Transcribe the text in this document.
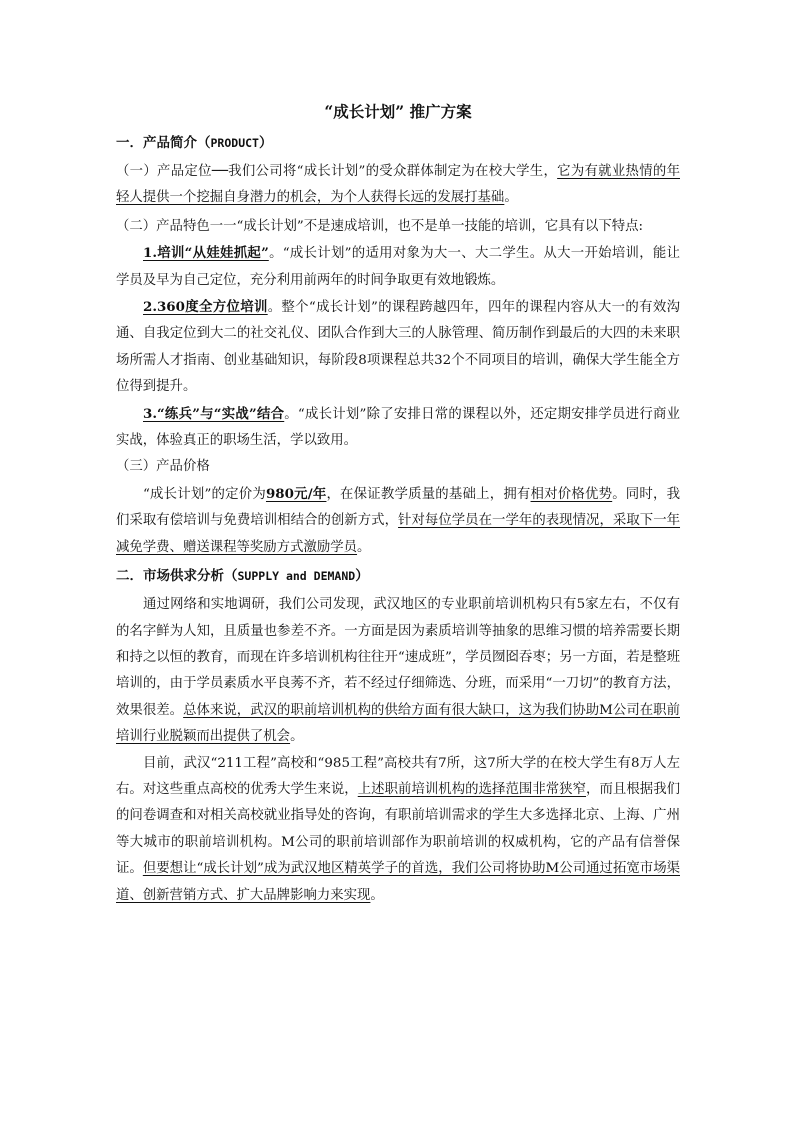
“成长计划” 推广方案
一．产品简介（PRODUCT）

（一）产品定位──我们公司将“成长计划”的受众群体制定为在校大学生，它为有就业热情的年轻人提供一个挖掘自身潜力的机会，为个人获得长远的发展打基础。

（二）产品特色一一“成长计划”不是速成培训，也不是单一技能的培训，它具有以下特点:

1.培训“从娃娃抓起”。“成长计划”的适用对象为大一、大二学生。从大一开始培训，能让学员及早为自己定位，充分利用前两年的时间争取更有效地锻炼。

2.360度全方位培训。整个“成长计划”的课程跨越四年，四年的课程内容从大一的有效沟通、自我定位到大二的社交礼仪、团队合作到大三的人脉管理、简历制作到最后的大四的未来职场所需人才指南、创业基础知识，每阶段8项课程总共32个不同项目的培训，确保大学生能全方位得到提升。

3.“练兵”与“实战”结合。“成长计划”除了安排日常的课程以外，还定期安排学员进行商业实战，体验真正的职场生活，学以致用。

（三）产品价格

“成长计划”的定价为980元/年，在保证教学质量的基础上，拥有相对价格优势。同时，我们采取有偿培训与免费培训相结合的创新方式，针对每位学员在一学年的表现情况，采取下一年减免学费、赠送课程等奖励方式激励学员。

二．市场供求分析（SUPPLY and DEMAND）

通过网络和实地调研，我们公司发现，武汉地区的专业职前培训机构只有5家左右，不仅有的名字鲜为人知，且质量也参差不齐。一方面是因为素质培训等抽象的思维习惯的培养需要长期和持之以恒的教育，而现在许多培训机构往往开“速成班”，学员囫囵吞枣；另一方面，若是整班培训的，由于学员素质水平良莠不齐，若不经过仔细筛选、分班，而采用“一刀切”的教育方法，效果很差。总体来说，武汉的职前培训机构的供给方面有很大缺口，这为我们协助M公司在职前培训行业脱颖而出提供了机会。

目前，武汉“211工程”高校和“985工程”高校共有7所，这7所大学的在校大学生有8万人左右。对这些重点高校的优秀大学生来说，上述职前培训机构的选择范围非常狭窄，而且根据我们的问卷调查和对相关高校就业指导处的咨询，有职前培训需求的学生大多选择北京、上海、广州等大城市的职前培训机构。M公司的职前培训部作为职前培训的权威机构，它的产品有信誉保证。但要想让“成长计划”成为武汉地区精英学子的首选，我们公司将协助M公司通过拓宽市场渠道、创新营销方式、扩大品牌影响力来实现。
